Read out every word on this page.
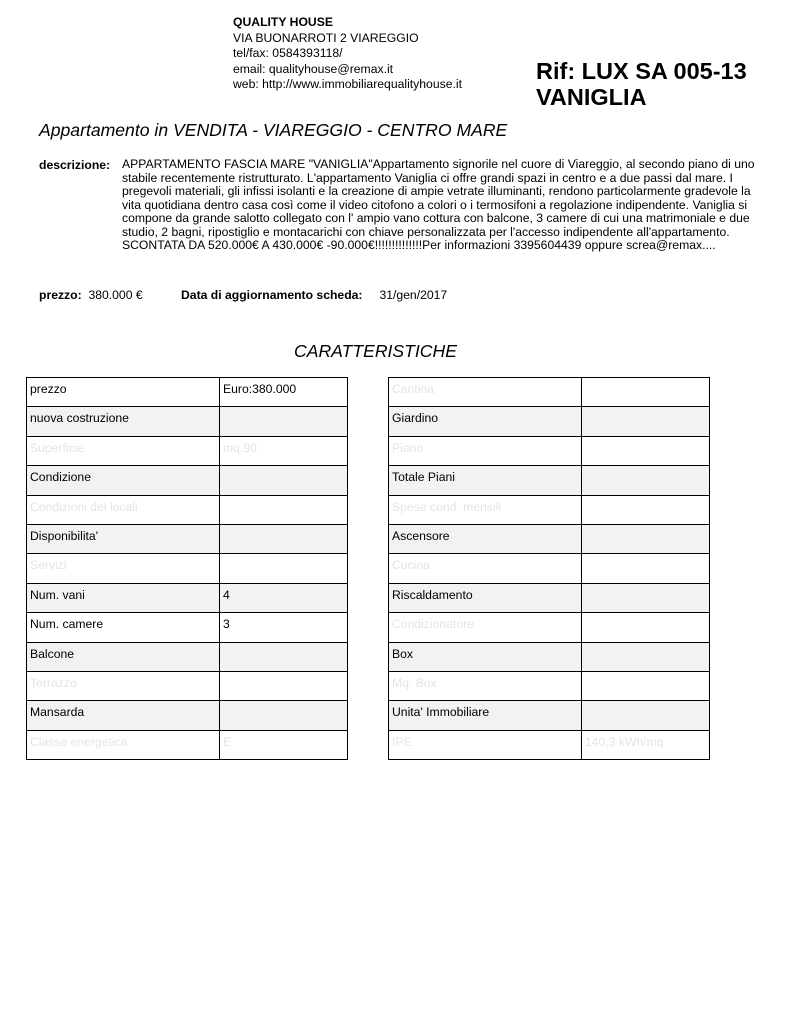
QUALITY HOUSE
VIA BUONARROTI 2 VIAREGGIO
tel/fax: 0584393118/
email: qualityhouse@remax.it
web: http://www.immobiliarequalityhouse.it
Rif: LUX SA 005-13
VANIGLIA
Appartamento in VENDITA - VIAREGGIO - CENTRO MARE
descrizione: APPARTAMENTO FASCIA MARE "VANIGLIA"Appartamento signorile nel cuore di Viareggio, al secondo piano di uno stabile recentemente ristrutturato. L'appartamento Vaniglia ci offre grandi spazi in centro e a due passi dal mare. I pregevoli materiali, gli infissi isolanti e la creazione di ampie vetrate illuminanti, rendono particolarmente gradevole la vita quotidiana dentro casa così come il video citofono a colori o i termosifoni a regolazione indipendente. Vaniglia si compone da grande salotto collegato con l' ampio vano cottura con balcone, 3 camere di cui una matrimoniale e due studio, 2 bagni, ripostiglio e montacarichi con chiave personalizzata per l'accesso indipendente all'appartamento. SCONTATA DA 520.000€ A 430.000€ -90.000€!!!!!!!!!!!!!!Per informazioni 3395604439 oppure screa@remax....
prezzo: 380.000 €	Data di aggiornamento scheda: 31/gen/2017
CARATTERISTICHE
prezzo	Euro:380.000
nuova costruzione	
Superficie	mq.90
Condizione	
Condizioni dei locali	
Disponibilita'	
Servizi	
Num. vani	4
Num. camere	3
Balcone	
Terrazzo	
Mansarda	
Classe energetica	E
Cantina	
Giardino	
Piano	
Totale Piani	
Spese cond. mensili	
Ascensore	
Cucina	
Riscaldamento	
Condizionatore	
Box	
Mq. Box	
Unita' Immobiliare	
IPE	140,3 kWh/mq
